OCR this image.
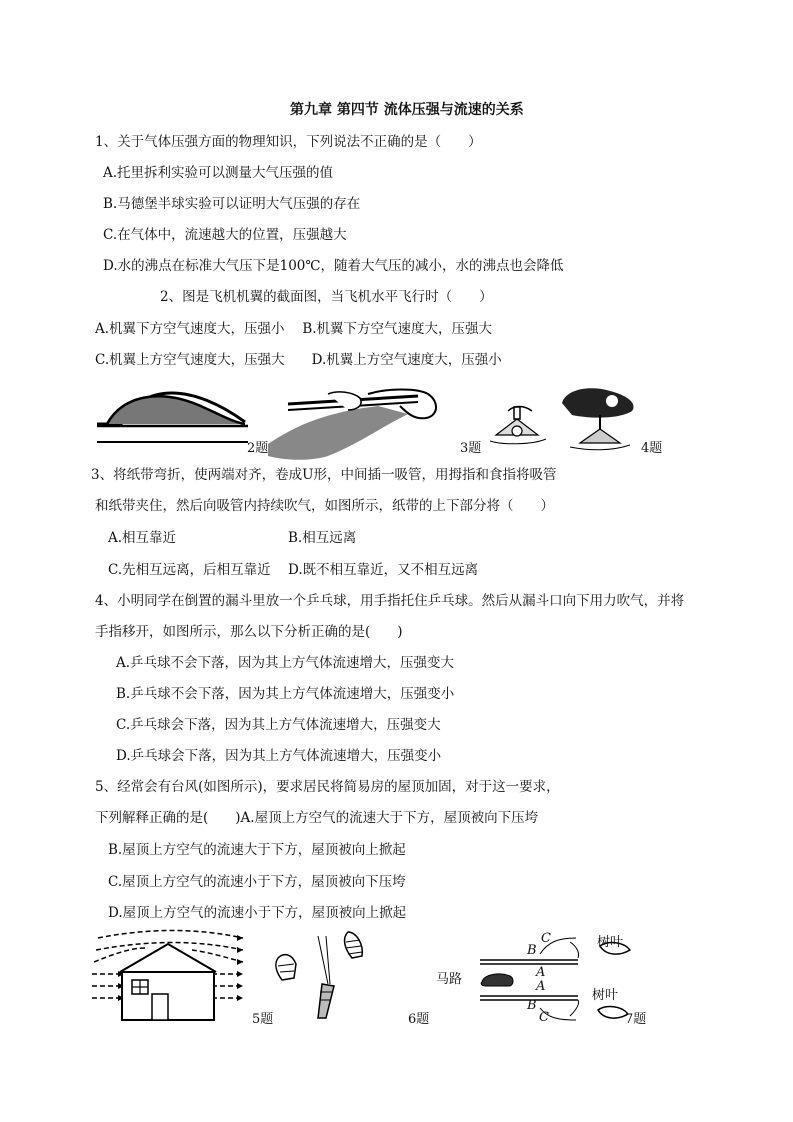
第九章 第四节 流体压强与流速的关系
1、关于气体压强方面的物理知识，下列说法不正确的是（　　）
A.托里拆利实验可以测量大气压强的值
B.马德堡半球实验可以证明大气压强的存在
C.在气体中，流速越大的位置，压强越大
D.水的沸点在标准大气压下是100℃，随着大气压的减小，水的沸点也会降低
2、图是飞机机翼的截面图，当飞机水平飞行时（　　）
A.机翼下方空气速度大，压强小　 B.机翼下方空气速度大，压强大
C.机翼上方空气速度大，压强大　　D.机翼上方空气速度大，压强小
2题	3题	4题
3、将纸带弯折，使两端对齐，卷成U形，中间插一吸管，用拇指和食指将吸管
和纸带夹住，然后向吸管内持续吹气，如图所示，纸带的上下部分将（　　）
A.相互靠近	B.相互远离
C.先相互远离，后相互靠近 D.既不相互靠近，又不相互远离
4、小明同学在倒置的漏斗里放一个乒乓球，用手指托住乒乓球。然后从漏斗口向下用力吹气，并将
手指移开，如图所示，那么以下分析正确的是(　　)
A.乒乓球不会下落，因为其上方气体流速增大，压强变大
B.乒乓球不会下落，因为其上方气体流速增大，压强变小
C.乒乓球会下落，因为其上方气体流速增大，压强变大
D.乒乓球会下落，因为其上方气体流速增大，压强变小
5、经常会有台风(如图所示)，要求居民将简易房的屋顶加固，对于这一要求，
下列解释正确的是(　　)A.屋顶上方空气的流速大于下方，屋顶被向下压垮
B.屋顶上方空气的流速大于下方，屋顶被向上掀起
C.屋顶上方空气的流速小于下方，屋顶被向下压垮
D.屋顶上方空气的流速小于下方，屋顶被向上掀起
5题	6题
马路
树叶
树叶
C
B
A
A
B
C	7题
